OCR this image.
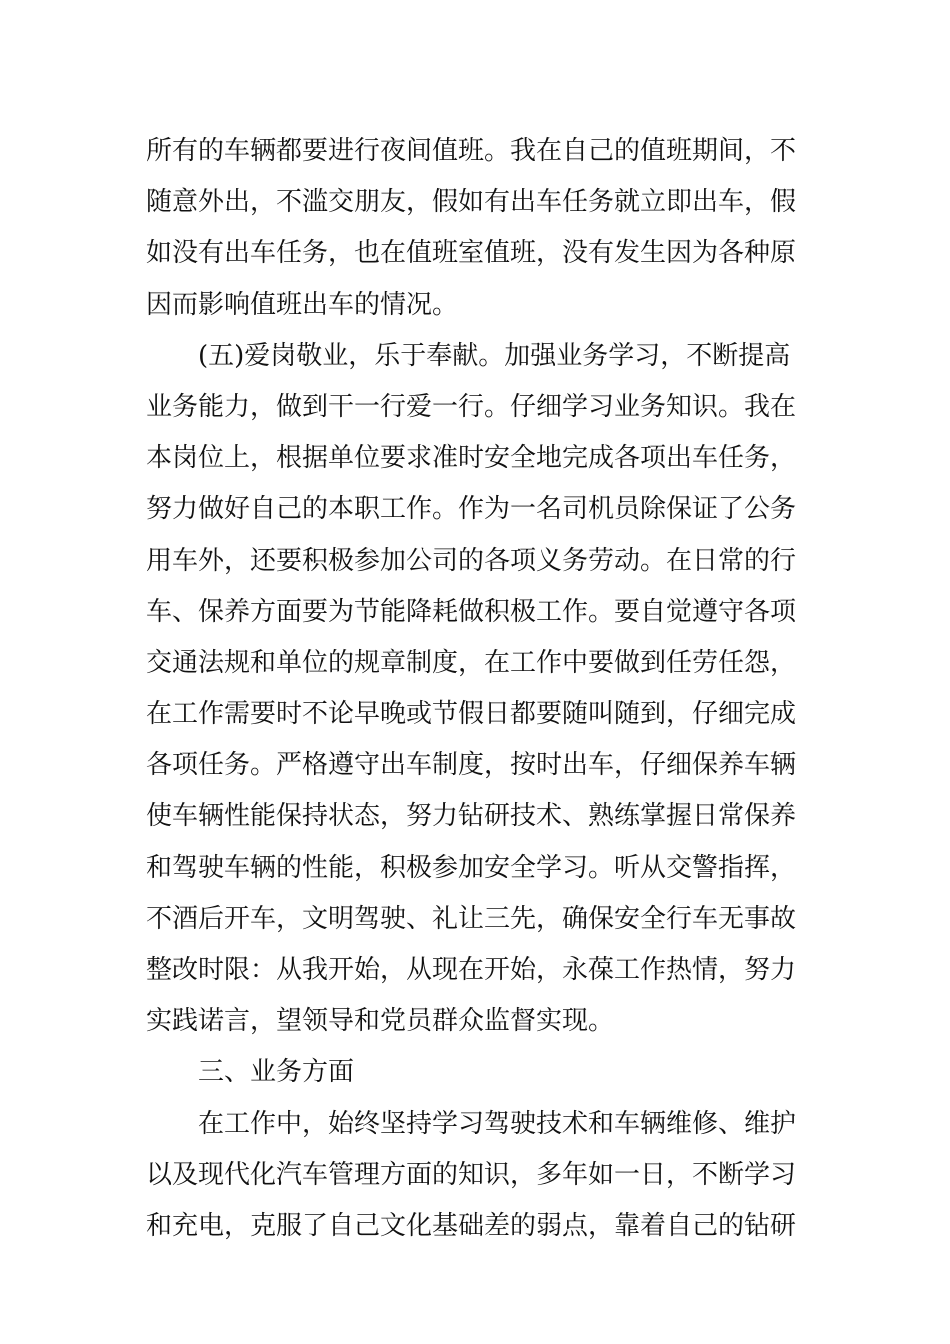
所有的车辆都要进行夜间值班。我在自己的值班期间，不
随意外出，不滥交朋友，假如有出车任务就立即出车，假
如没有出车任务，也在值班室值班，没有发生因为各种原
因而影响值班出车的情况。
(五)爱岗敬业，乐于奉献。加强业务学习，不断提高
业务能力，做到干一行爱一行。仔细学习业务知识。我在
本岗位上，根据单位要求准时安全地完成各项出车任务，
努力做好自己的本职工作。作为一名司机员除保证了公务
用车外，还要积极参加公司的各项义务劳动。在日常的行
车、保养方面要为节能降耗做积极工作。要自觉遵守各项
交通法规和单位的规章制度，在工作中要做到任劳任怨，
在工作需要时不论早晚或节假日都要随叫随到，仔细完成
各项任务。严格遵守出车制度，按时出车，仔细保养车辆
使车辆性能保持状态，努力钻研技术、熟练掌握日常保养
和驾驶车辆的性能，积极参加安全学习。听从交警指挥，
不酒后开车，文明驾驶、礼让三先，确保安全行车无事故
整改时限：从我开始，从现在开始，永葆工作热情，努力
实践诺言，望领导和党员群众监督实现。
三、业务方面
在工作中，始终坚持学习驾驶技术和车辆维修、维护
以及现代化汽车管理方面的知识，多年如一日，不断学习
和充电，克服了自己文化基础差的弱点，靠着自己的钻研
